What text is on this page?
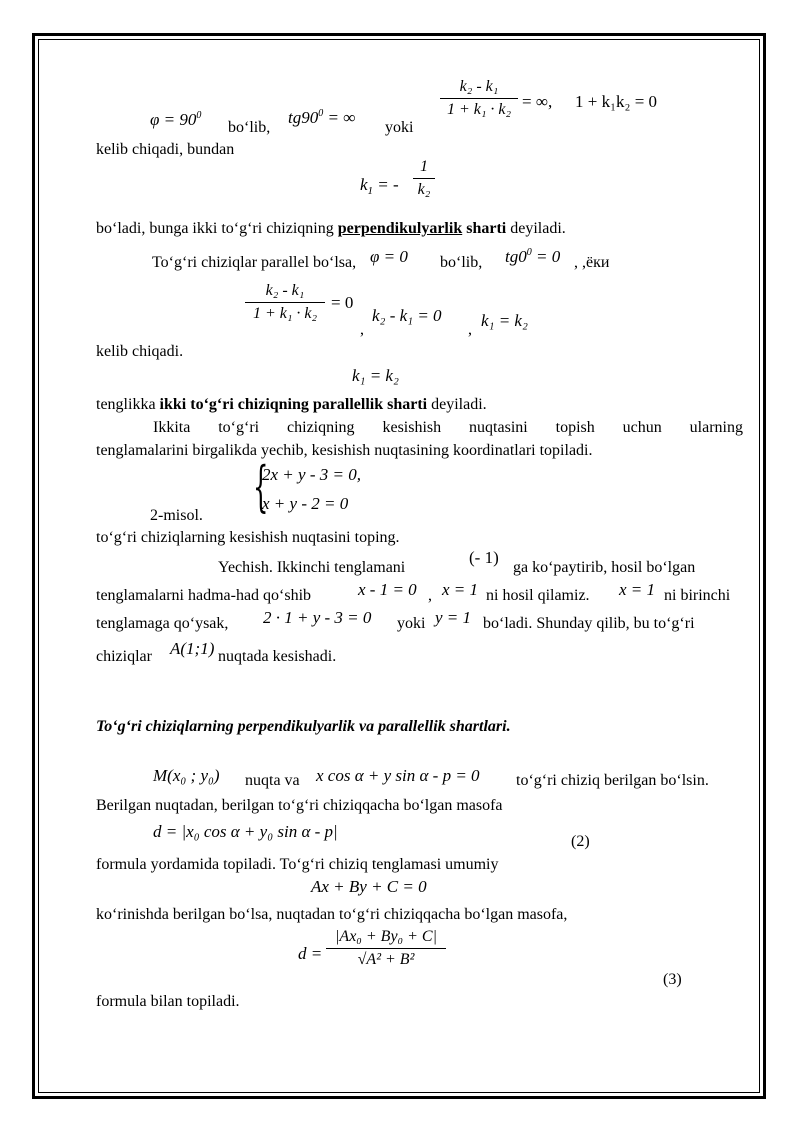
$\varphi = 90^0$
bo‘lib,
$tg90^0$ = ∞
yoki
k₂ - k₁
1 + k₁ · k₂ = ∞, 1 + k₁k₂ = 0
kelib chiqadi, bundan
$k_1$ = -
1
k₂
bo‘ladi, bunga ikki to‘g‘ri chiziqning perpendikulyarlik sharti deyiladi.
To‘g‘ri chiziqlar parallel bo‘lsa, φ = 0 bo‘lib, $tg0^0 = 0$ , ,ёки
k₂ - k₁
1 + k₁ · k₂
= 0
,
k₂ - k₁ = 0
, k₁ = k₂
kelib chiqadi.
k₁ = k₂
tenglikka ikki to‘g‘ri chiziqning parallellik sharti deyiladi.
Ikkita to‘g‘ri chiziqning kesishish nuqtasini topish uchun ularning
tenglamalarini birgalikda yechib, kesishish nuqtasining koordinatlari topiladi.
{
2x + y - 3 = 0,
x + y - 2 = 0
2-misol.
to‘g‘ri chiziqlarning kesishish nuqtasini toping.
Yechish. Ikkinchi tenglamani
(- 1)
ga ko‘paytirib, hosil bo‘lgan
tenglamalarni hadma-had qo‘shib	x - 1 = 0 , x = 1 ni hosil qilamiz. x = 1 ni birinchi
tenglamaga qo‘ysak, 2 · 1 + y - 3 = 0 yoki y = 1 bo‘ladi. Shunday qilib, bu to‘g‘ri
chiziqlar A(1;1) nuqtada kesishadi.
To‘g‘ri chiziqlarning perpendikulyarlik va parallellik shartlari.
M(x₀ ; y₀) nuqta va x cos α + y sin α - p = 0 to‘g‘ri chiziq berilgan bo‘lsin.
Berilgan nuqtadan, berilgan to‘g‘ri chiziqqacha bo‘lgan masofa
d = |x₀ cos α + y₀ sin α - p|
(2)
formula yordamida topiladi. To‘g‘ri chiziq tenglamasi umumiy
Ax + By + C = 0
ko‘rinishda berilgan bo‘lsa, nuqtadan to‘g‘ri chiziqqacha bo‘lgan masofa,
d =
|Ax₀ + By₀ + C|
√A² + B²
(3)
formula bilan topiladi.
